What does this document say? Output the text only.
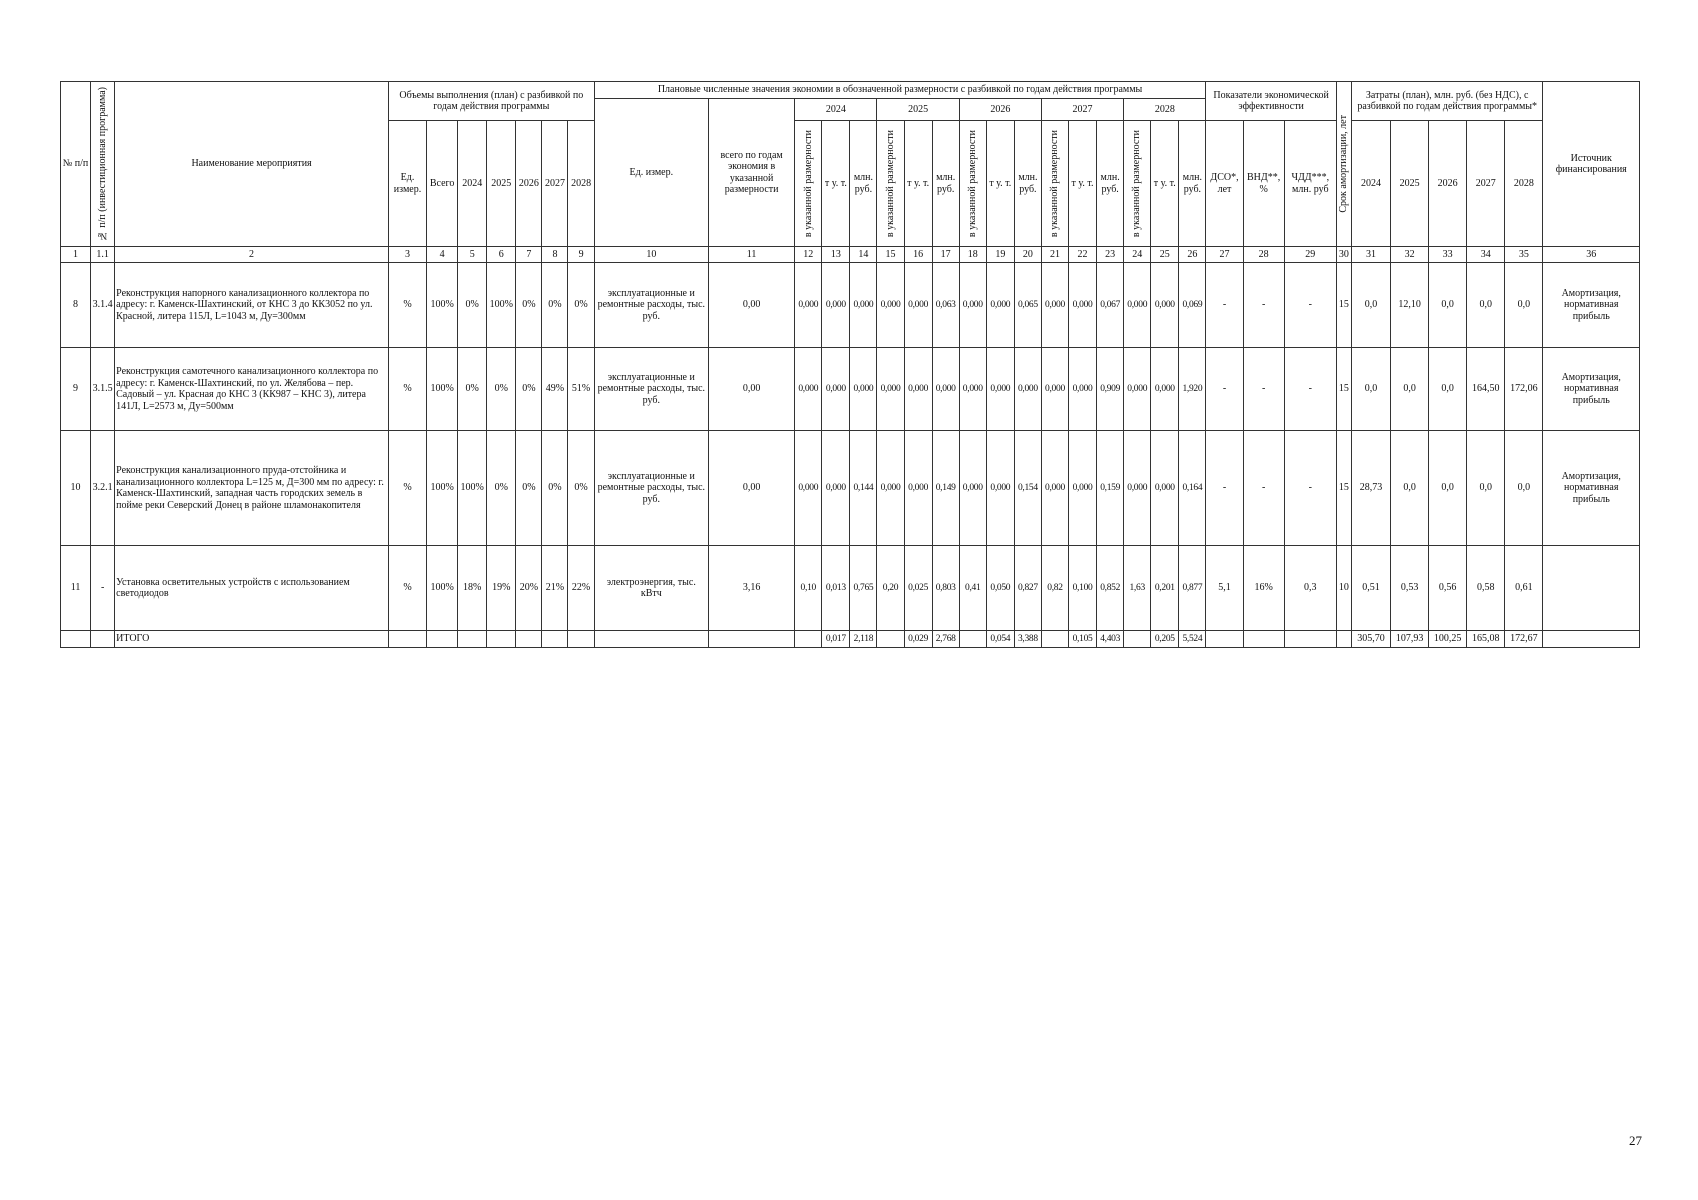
№ п/п	№ п/п (инвестиционная программа)	Наименование мероприятия	Объемы выполнения (план) с разбивкой по годам действия программы							Плановые численные значения экономии в обозначенной размерности с разбивкой по годам действия программы																	Показатели экономической эффективности			Срок амортизации, лет	Затраты (план), млн. руб. (без НДС), с разбивкой по годам действия программы*					Источник финансирования
										Ед. измер.	всего по годам экономия в указанной размерности	2024			2025			2026			2027			2028												
			Ед. измер.	Всего	2024	2025	2026	2027	2028			в указанной размерности	т у. т.	млн. руб.	в указанной размерности	т у. т.	млн. руб.	в указанной размерности	т у. т.	млн. руб.	в указанной размерности	т у. т.	млн. руб.	в указанной размерности	т у. т.	млн. руб.	ДСО*, лет	ВНД**, %	ЧДД***, млн. руб		2024	2025	2026	2027	2028	
1	1.1	2	3	4	5	6	7	8	9	10	11	12	13	14	15	16	17	18	19	20	21	22	23	24	25	26	27	28	29	30	31	32	33	34	35	36
8	3.1.4	Реконструкция напорного канализационного коллектора по адресу: г. Каменск-Шахтинский, от КНС 3 до КК3052 по ул. Красной, литера 115Л, L=1043 м, Ду=300мм	%	100%	0%	100%	0%	0%	0%	эксплуатационные и ремонтные расходы, тыс. руб.	0,00	0,000	0,000	0,000	0,000	0,000	0,063	0,000	0,000	0,065	0,000	0,000	0,067	0,000	0,000	0,069	-	-	-	15	0,0	12,10	0,0	0,0	0,0	Амортизация, нормативная прибыль
9	3.1.5	Реконструкция самотечного канализационного коллектора по адресу: г. Каменск-Шахтинский, по ул. Желябова – пер. Садовый – ул. Красная до КНС 3 (КК987 – КНС 3), литера 141Л, L=2573 м, Ду=500мм	%	100%	0%	0%	0%	49%	51%	эксплуатационные и ремонтные расходы, тыс. руб.	0,00	0,000	0,000	0,000	0,000	0,000	0,000	0,000	0,000	0,000	0,000	0,000	0,909	0,000	0,000	1,920	-	-	-	15	0,0	0,0	0,0	164,50	172,06	Амортизация, нормативная прибыль
10	3.2.1	Реконструкция канализационного пруда-отстойника и канализационного коллектора L=125 м, Д=300 мм по адресу: г. Каменск-Шахтинский, западная часть городских земель в пойме реки Северский Донец в районе шламонакопителя	%	100%	100%	0%	0%	0%	0%	эксплуатационные и ремонтные расходы, тыс. руб.	0,00	0,000	0,000	0,144	0,000	0,000	0,149	0,000	0,000	0,154	0,000	0,000	0,159	0,000	0,000	0,164	-	-	-	15	28,73	0,0	0,0	0,0	0,0	Амортизация, нормативная прибыль
11	-	Установка осветительных устройств с использованием светодиодов	%	100%	18%	19%	20%	21%	22%	электроэнергия, тыс. кВтч	3,16	0,10	0,013	0,765	0,20	0,025	0,803	0,41	0,050	0,827	0,82	0,100	0,852	1,63	0,201	0,877	5,1	16%	0,3	10	0,51	0,53	0,56	0,58	0,61	
		ИТОГО											0,017	2,118		0,029	2,768		0,054	3,388		0,105	4,403		0,205	5,524					305,70	107,93	100,25	165,08	172,67	
27
